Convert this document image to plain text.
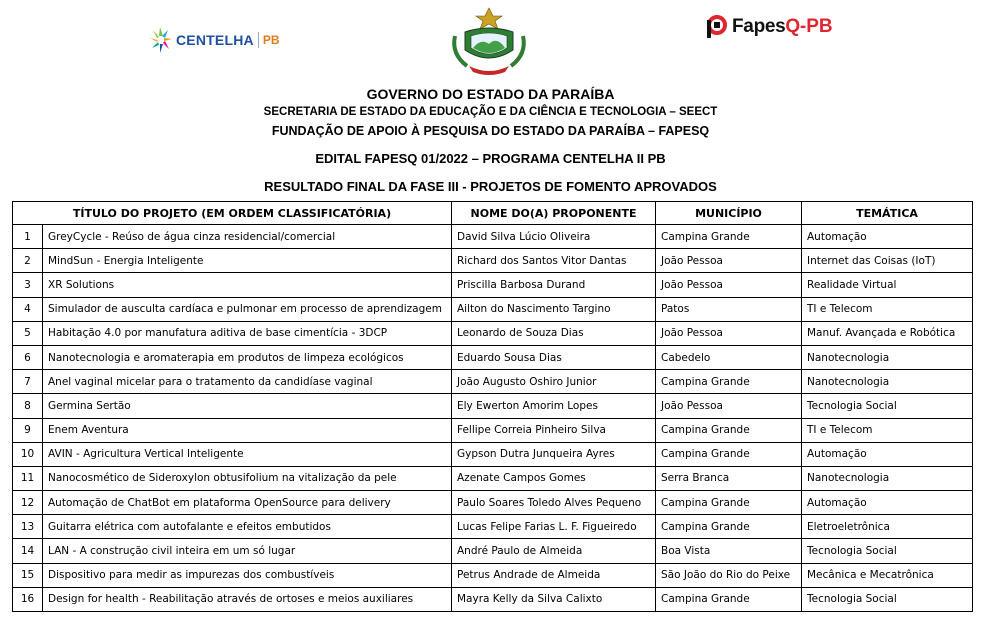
CENTELHA PB
FapesQ -PB
GOVERNO DO ESTADO DA PARAÍBA
SECRETARIA DE ESTADO DA EDUCAÇÃO E DA CIÊNCIA E TECNOLOGIA – SEECT
FUNDAÇÃO DE APOIO À PESQUISA DO ESTADO DA PARAÍBA – FAPESQ
EDITAL FAPESQ 01/2022 – PROGRAMA CENTELHA II PB
RESULTADO FINAL DA FASE III - PROJETOS DE FOMENTO APROVADOS
TÍTULO DO PROJETO (EM ORDEM CLASSIFICATÓRIA)		NOME DO(A) PROPONENTE	MUNICÍPIO	TEMÁTICA
1	GreyCycle - Reúso de água cinza residencial/comercial	David Silva Lúcio Oliveira	Campina Grande	Automação
2	MindSun - Energia Inteligente	Richard dos Santos Vitor Dantas	João Pessoa	Internet das Coisas (IoT)
3	XR Solutions	Priscilla Barbosa Durand	João Pessoa	Realidade Virtual
4	Simulador de ausculta cardíaca e pulmonar em processo de aprendizagem	Ailton do Nascimento Targino	Patos	TI e Telecom
5	Habitação 4.0 por manufatura aditiva de base cimentícia - 3DCP	Leonardo de Souza Dias	João Pessoa	Manuf. Avançada e Robótica
6	Nanotecnologia e aromaterapia em produtos de limpeza ecológicos	Eduardo Sousa Dias	Cabedelo	Nanotecnologia
7	Anel vaginal micelar para o tratamento da candidíase vaginal	João Augusto Oshiro Junior	Campina Grande	Nanotecnologia
8	Germina Sertão	Ely Ewerton Amorim Lopes	João Pessoa	Tecnologia Social
9	Enem Aventura	Fellipe Correia Pinheiro Silva	Campina Grande	TI e Telecom
10	AVIN - Agricultura Vertical Inteligente	Gypson Dutra Junqueira Ayres	Campina Grande	Automação
11	Nanocosmético de Sideroxylon obtusifolium na vitalização da pele	Azenate Campos Gomes	Serra Branca	Nanotecnologia
12	Automação de ChatBot em plataforma OpenSource para delivery	Paulo Soares Toledo Alves Pequeno	Campina Grande	Automação
13	Guitarra elétrica com autofalante e efeitos embutidos	Lucas Felipe Farias L. F. Figueiredo	Campina Grande	Eletroeletrônica
14	LAN - A construção civil inteira em um só lugar	André Paulo de Almeida	Boa Vista	Tecnologia Social
15	Dispositivo para medir as impurezas dos combustíveis	Petrus Andrade de Almeida	São João do Rio do Peixe	Mecânica e Mecatrônica
16	Design for health - Reabilitação através de ortoses e meios auxiliares	Mayra Kelly da Silva Calixto	Campina Grande	Tecnologia Social
